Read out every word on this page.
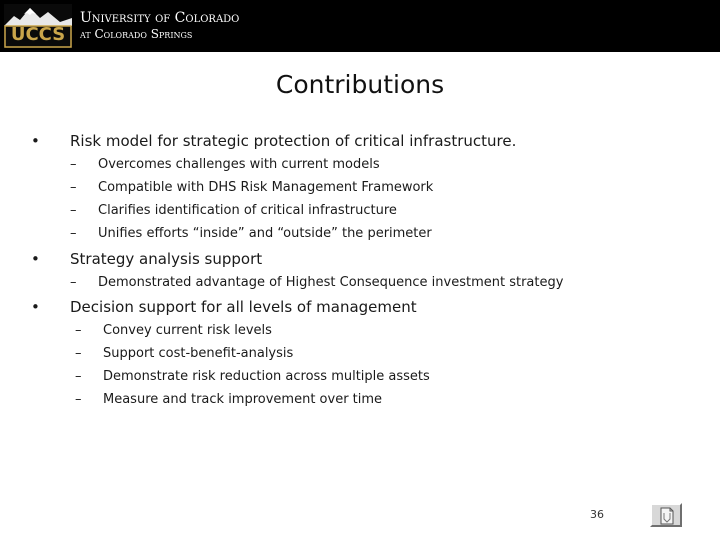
UCCS
University of Colorado
at Colorado Springs
Contributions
• Risk model for strategic protection of critical infrastructure.
– Overcomes challenges with current models
– Compatible with DHS Risk Management Framework
– Clarifies identification of critical infrastructure
– Unifies efforts “inside” and “outside” the perimeter
• Strategy analysis support
– Demonstrated advantage of Highest Consequence investment strategy
• Decision support for all levels of management
– Convey current risk levels
– Support cost-benefit-analysis
– Demonstrate risk reduction across multiple assets
– Measure and track improvement over time
36
